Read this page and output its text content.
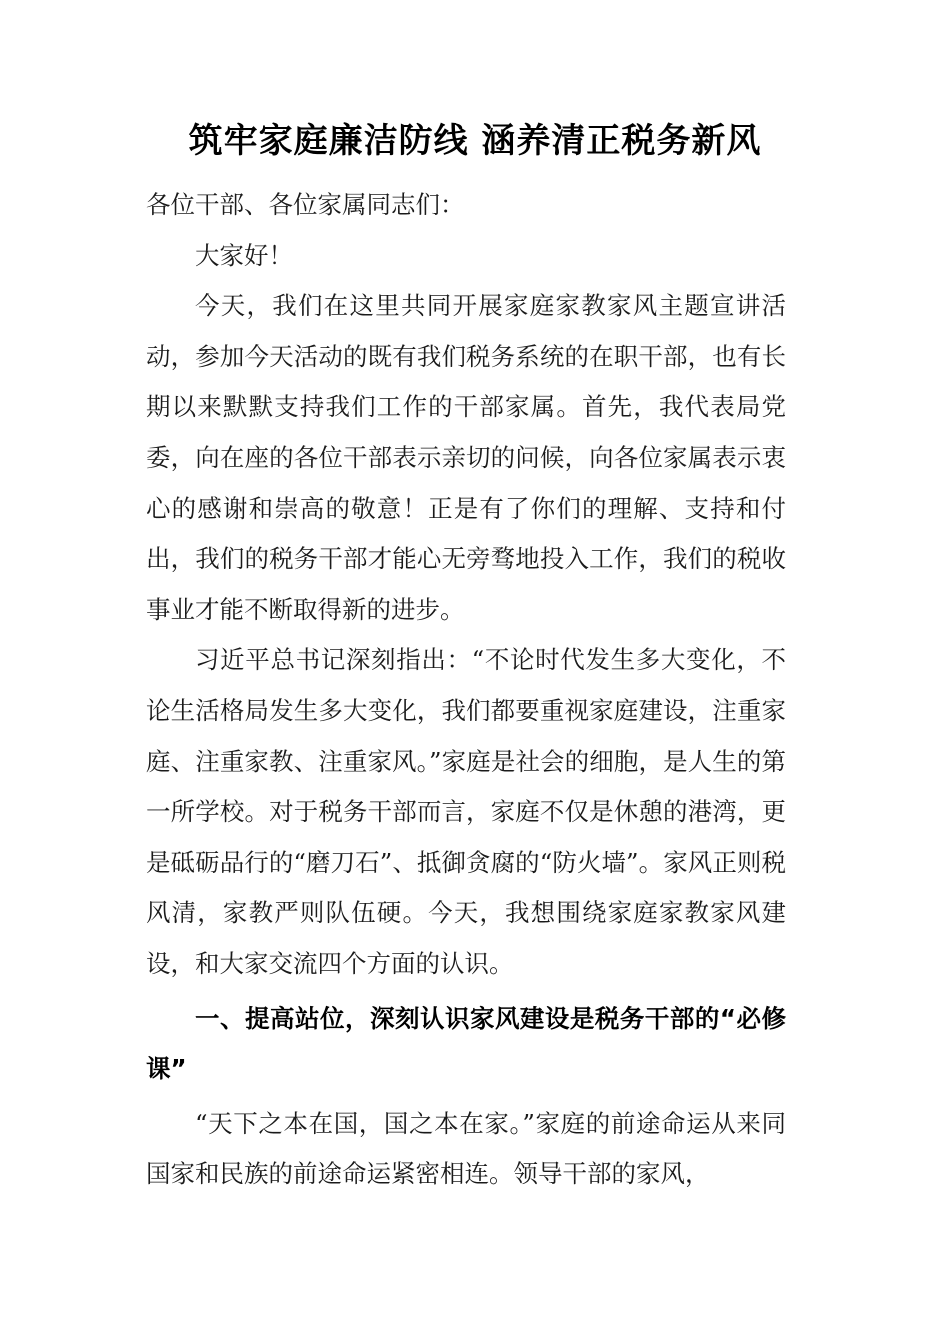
筑牢家庭廉洁防线 涵养清正税务新风

各位干部、各位家属同志们：

大家好！

今天，我们在这里共同开展家庭家教家风主题宣讲活动，参加今天活动的既有我们税务系统的在职干部，也有长期以来默默支持我们工作的干部家属。首先，我代表局党委，向在座的各位干部表示亲切的问候，向各位家属表示衷心的感谢和崇高的敬意！正是有了你们的理解、支持和付出，我们的税务干部才能心无旁骛地投入工作，我们的税收事业才能不断取得新的进步。

习近平总书记深刻指出：“不论时代发生多大变化，不论生活格局发生多大变化，我们都要重视家庭建设，注重家庭、注重家教、注重家风。”家庭是社会的细胞，是人生的第一所学校。对于税务干部而言，家庭不仅是休憩的港湾，更是砥砺品行的“磨刀石”、抵御贪腐的“防火墙”。家风正则税风清，家教严则队伍硬。今天，我想围绕家庭家教家风建设，和大家交流四个方面的认识。

一、提高站位，深刻认识家风建设是税务干部的“必修课”

“天下之本在国，国之本在家。”家庭的前途命运从来同国家和民族的前途命运紧密相连。领导干部的家风，
